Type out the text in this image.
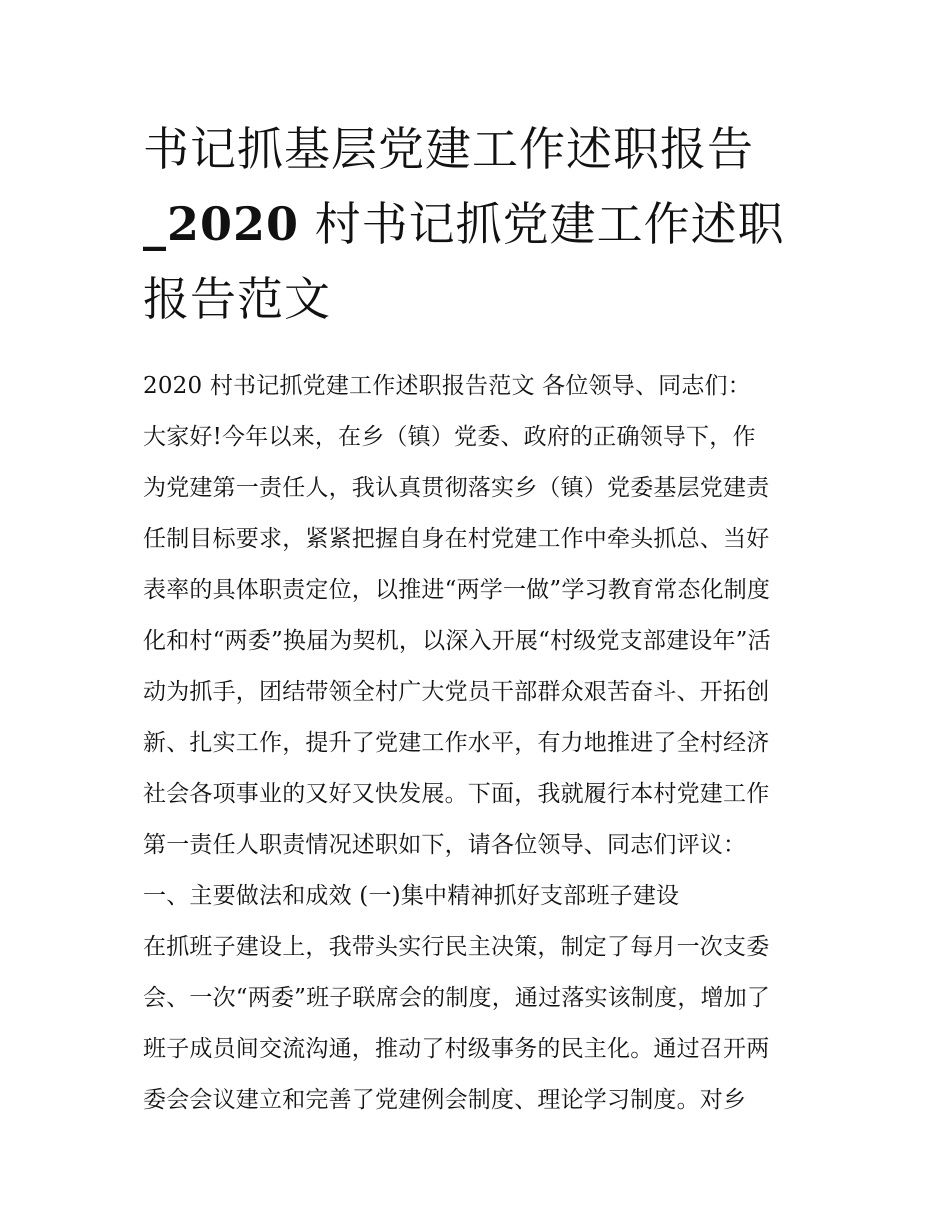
书记抓基层党建工作述职报告
_2020 村书记抓党建工作述职
报告范文
2020 村书记抓党建工作述职报告范文 各位领导、同志们：
大家好!今年以来，在乡（镇）党委、政府的正确领导下，作
为党建第一责任人，我认真贯彻落实乡（镇）党委基层党建责
任制目标要求，紧紧把握自身在村党建工作中牵头抓总、当好
表率的具体职责定位，以推进“两学一做”学习教育常态化制度
化和村“两委”换届为契机，以深入开展“村级党支部建设年”活
动为抓手，团结带领全村广大党员干部群众艰苦奋斗、开拓创
新、扎实工作，提升了党建工作水平，有力地推进了全村经济
社会各项事业的又好又快发展。下面，我就履行本村党建工作
第一责任人职责情况述职如下，请各位领导、同志们评议：
一、主要做法和成效 (一)集中精神抓好支部班子建设
在抓班子建设上，我带头实行民主决策，制定了每月一次支委
会、一次“两委”班子联席会的制度，通过落实该制度，增加了
班子成员间交流沟通，推动了村级事务的民主化。通过召开两
委会会议建立和完善了党建例会制度、理论学习制度。对乡
